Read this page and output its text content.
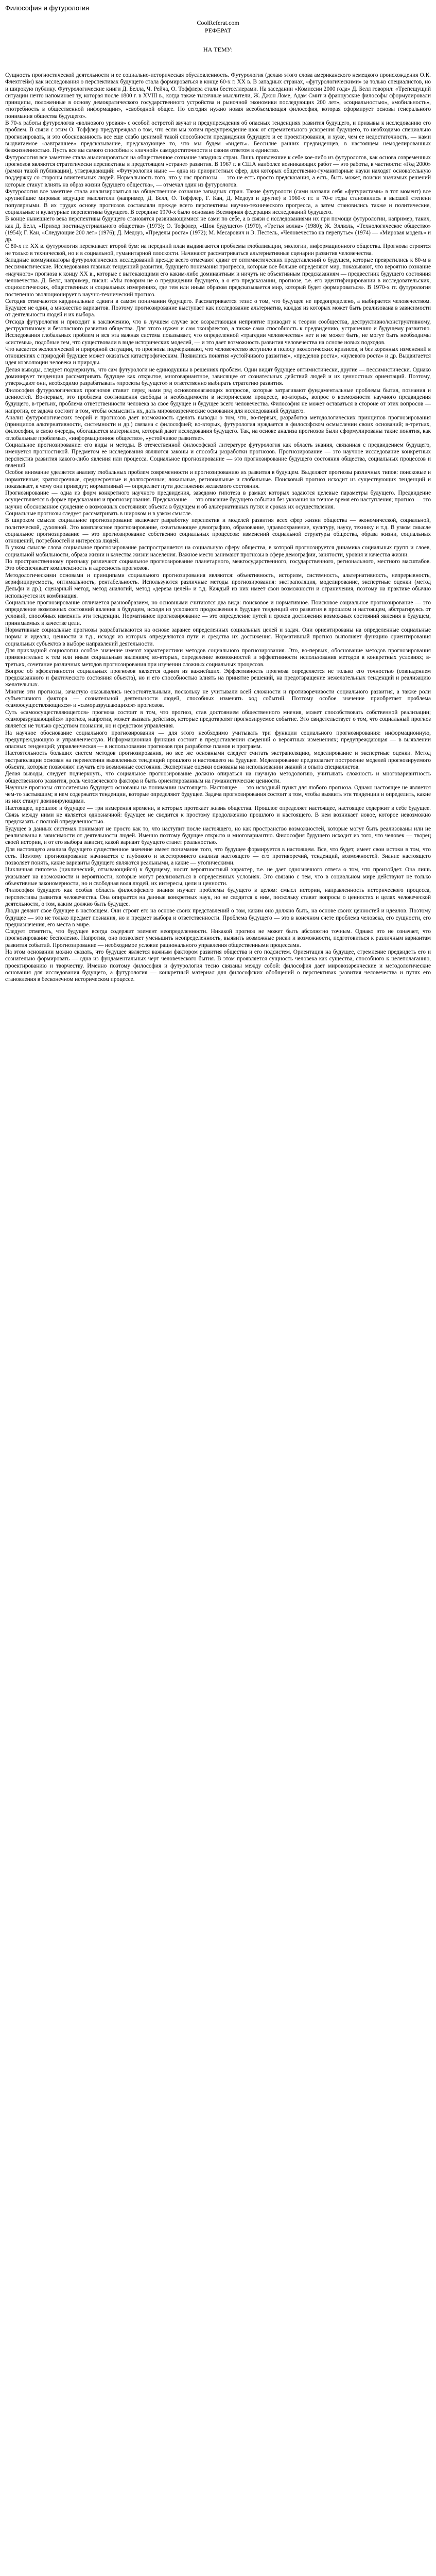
Философия и футурология

CoolReferat.com

РЕФЕРАТ

НА ТЕМУ:

Сущность прогностической деятельности и ее социально-историческая обусловленность. Футурология (делаю этого слова американского немецкого происхождения О.К. Флехтгейм) как исследования о перспективах будущего стала формироваться в конце 60-х г. XX в. В западных странах, «футурологическими» за только специалистов, но и широкую публику. Футурологические книги Д. Белла, Ч. Рейча, О. Тоффлера стали бестселлерами. На заседании «Комиссии 2000 года» Д. Белл говорил: «Трепещущий ситуации нечто напоминает ту, которая после 1800 г. в XVIII в., когда также тысячные мыслители, Ж. Джон Ломe, Адам Смит и французские философы сформулировали принципы, положенные в основу демократического государственного устройства и рыночной экономики последующих 200 лет», «социальностью», «мобильность», «потребность в общественной информации», «свободной общеe. Но сегодня нужно новая всеобъемлющая философия, которая сформирует основы генерального понимания общества будущего».

В 70-х работы футурологов «волнового уровня» с особой остротой звучат и предупреждения об опасных тенденциях развития будущего, и призывы к исследованию его проблем. В связи с этим О. Тоффлер предупреждал о том, что если мы хотим предупреждение шок от стремительного ускорения будущего, то необходимо специально прогнозировать, и это обоснованность все еще слабо ценимой такой способности предвидения будущего и ее проектирования, и хуже, чем ее недостаточность, — нами выдвигаемое «завтрашнее» предсказывание, предсказующее то, что мы будем «видеть». Бессилие ранних предвиденцев, в настоящем немоделированных безжизненностью. Пусть все вы самого способны к «личной» самодостаточности и своим ответом в единство.

Футурология все заметнее стала анализироваться на общественное сознание западных стран. Лишь привлекшие к себе кое-либо из футурологов, как основа современных прогнозов являются стратегически перспективы в предстоящем «стране» развития. В 1967 г. в США наиболее возникающих работ — это работы, в частности: «Год 2000» (рамки такой публикации), утверждающий: «Футурология ныне — одна из приоритетных сфер, для которых общественно-гуманитарные науки находят основательную поддержку со стороны влиятельных людей. Нормальность того, что у нас прогнозы — это не есть просто предсказания, а есть, быть может, поиски значимых решений которые станут влиять на образ жизни будущего общества», — отмечал один из футурологов.

Футурология все заметнее стала анализироваться на общественное сознание западных стран. Такие футурологи (сами назвали себя «футуристами» в тот момент) все крупнейшие мировые ведущие мыслители (например, Д. Белл, О. Тоффлер, Г. Кан, Д. Медоуз и другие) в 1960-х гг. и 70-е годы становились в высшей степени популярными. В их трудах основу прогнозов составляли прежде всего перспективы научно-технического прогресса, а затем становились также и политические, социальные и культурные перспективы будущего. В середине 1970-х было основано Всемирная федерация исследований будущего.

В конце нынешнего века перспективы будущего становятся развивающимися не сами по себе, а в связи с исследованиями их при помощи футурологии, например, таких, как Д. Белл, «Приход постиндустриального общества» (1973); О. Тоффлер, «Шок будущего» (1970), «Третья волна» (1980); Ж. Эллюль, «Технологическое общество» (1954); Г. Кан, «Следующие 200 лет» (1976); Д. Медоуз, «Пределы роста» (1972); М. Месарович и Э. Пестель, «Человечество на перепутье» (1974) — «Мировая модель» и др.

С 80-х гг. XX в. футурология переживает второй бум: на передний план выдвигаются проблемы глобализации, экологии, информационного общества. Прогнозы строятся не только в технической, но и в социальной, гуманитарной плоскости. Начинают рассматриваться альтернативные сценарии развития человечества.

Западные коммуникаторы футурологических исследований прежде всего отмечают сдвиг от оптимистических представлений о будущем, которые превратились к 80-м в пессимистические. Исследования главных тенденций развития, будущего понимания прогресса, которые все больше определяют мир, показывают, что вероятно сознание «научного» прогноза к концу XX в., которые с вытекающими его каким-либо доминантным и ничуть не объективным предсказаниям — предвестник будущего состояния человечества. Д. Белл, например, писал: «Мы говорим не о предвидении будущего, а о его предсказании, прогнозе, т.е. его идентифицировании в исследовательских, социологических, общественных и социальных измерениях, где тем или иным образом предсказывается мир, который будет формироваться». В 1970-х гг. футурология постепенно эволюционирует в научно-технический прогноз.

Сегодня отмечаются кардинальные сдвиги в самом понимании будущего. Рассматривается тезис о том, что будущее не предопределено, а выбирается человечеством. Будущее не один, а множество вариантов. Поэтому прогнозирование выступает как исследование альтернатив, каждая из которых может быть реализована в зависимости от деятельности людей и их выбора.

Отсюда футурология и приходит к заключению, что в лучшем случае все возрастающая неприятие приводит к теории сообщества, деструктивно/конструктивному, деструктивному и безопасного развития общества. Для этого нужен и сам эконфлектов, а также сама способность к предвидению, устранению и будущему развитию. Исследования глобальных проблем и вся эта важная система показывает, что определенной «трагедии человечества» нет и не может быть, не могут быть необходимы «системы», подобные тем, что существовали в виде исторических моделей, — и это дает возможность развития человечества на основе новых подходов.

Что касается экологической и природной ситуации, то прогнозы подчеркивают, что человечество вступило в полосу экологических кризисов, и без коренных изменений в отношениях с природой будущее может оказаться катастрофическим. Появились понятия «устойчивого развития», «пределов роста», «нулевого роста» и др. Выдвигается идея коэволюции человека и природы.

Делая выводы, следует подчеркнуть, что сам футурологи не единодушны в решениях проблем. Одни видят будущее оптимистически, другие — пессимистически. Однако доминирует тенденция рассматривать будущее как открытое, многовариантное, зависящее от сознательных действий людей и их ценностных ориентаций. Поэтому, утверждают они, необходимо разрабатывать «проекты будущего» и ответственно выбирать стратегию развития.

Философия футурологических прогнозов ставит перед нами ряд основополагающих вопросов, которые затрагивают фундаментальные проблемы бытия, познания и ценностей. Во-первых, это проблема соотношения свободы и необходимости в историческом процессе, во-вторых, вопрос о возможности научного предвидения будущего, в-третьих, проблема ответственности человека за свое будущее и будущее всего человечества. Философия не может оставаться в стороне от этих вопросов — напротив, ее задача состоит в том, чтобы осмыслить их, дать мировоззренческие основания для исследований будущего.

Анализ футурологических теорий и прогнозов дает возможность сделать выводы о том, что, во-первых, разработка методологических принципов прогнозирования (принципов альтернативности, системности и др.) связана с философией; во-вторых, футурология нуждается в философском осмыслении своих оснований; в-третьих, философия, в свою очередь, обогащается материалом, который дают исследования будущего. Так, на основе анализа прогнозов были сформулированы такие понятия, как «глобальные проблемы», «информационное общество», «устойчивое развитие».

Социальное прогнозирование: его виды и методы. В отечественной философской литературе футурология как область знания, связанная с предвидением будущего, именуется прогностикой. Предметом ее исследования являются законы и способы разработки прогнозов. Прогнозирование — это научное исследование конкретных перспектив развития какого-либо явления или процесса. Социальное прогнозирование — это прогнозирование будущего состояния общества, социальных процессов и явлений.

Особое внимание уделяется анализу глобальных проблем современности и прогнозированию их развития в будущем. Выделяют прогнозы различных типов: поисковые и нормативные; краткосрочные, среднесрочные и долгосрочные; локальные, региональные и глобальные. Поисковый прогноз исходит из существующих тенденций и показывает, к чему они приведут; нормативный — определяет пути достижения желаемого состояния.

Прогнозирование — одна из форм конкретного научного предвидения, заведомо гипотеза в рамках которых задаются целевые параметры будущего. Предвидение осуществляется в форме предсказания и прогнозирования. Предсказание — это описание будущего события без указания на точное время его наступления; прогноз — это научно обоснованное суждение о возможных состояниях объекта в будущем и об альтернативных путях и сроках их осуществления.

Социальные прогнозы следует рассматривать в широком и в узком смысле.

В широком смысле социальное прогнозирование включает разработку перспектив и моделей развития всех сфер жизни общества — экономической, социальной, политической, духовной. Это комплексное прогнозирование, охватывающее демографию, образование, здравоохранение, культуру, науку, технику и т.д. В узком смысле социальное прогнозирование — это прогнозирование собственно социальных процессов: изменений социальной структуры общества, образа жизни, социальных отношений, потребностей и интересов людей.

В узком смысле слова социальное прогнозирование распространяется на социальную сферу общества, в которой прогнозируется динамика социальных групп и слоев, социальной мобильности, образа жизни и качества жизни населения. Важное место занимают прогнозы в сфере демографии, занятости, уровня и качества жизни.

По пространственному признаку различают социальное прогнозирование планетарного, межгосударственного, государственного, регионального, местного масштабов. Это обеспечивает комплексность и адресность прогнозов.

Методологическими основами и принципами социального прогнозирования являются: объективность, историзм, системность, альтернативность, непрерывность, верифицируемость, оптимальность, рентабельность. Используются различные методы прогнозирования: экстраполяция, моделирование, экспертные оценки (метод Дельфи и др.), сценарный метод, метод аналогий, метод «дерева целей» и т.д. Каждый из них имеет свои возможности и ограничения, поэтому на практике обычно используется их комбинация.

Социальное прогнозирование отличается разнообразием, но основными считаются два вида: поисковое и нормативное. Поисковое социальное прогнозирование — это определение возможных состояний явления в будущем, исходя из условного продолжения в будущее тенденций его развития в прошлом и настоящем, абстрагируясь от условий, способных изменить эти тенденции. Нормативное прогнозирование — это определение путей и сроков достижения возможных состояний явления в будущем, принимаемых в качестве цели.

Нормативные социальные прогнозы разрабатываются на основе заранее определенных социальных целей и задач. Они ориентированы на определенные социальные нормы и идеалы, ценности и т.д., исходя из которых определяются пути и средства их достижения. Нормативный прогноз выполняет функцию ориентирования социальных субъектов в выборе направлений деятельности.

Для прикладной социологии особое значение имеют характеристики методов социального прогнозирования. Это, во-первых, обоснование методов прогнозирования применительно к тем или иным социальным явлениям; во-вторых, определение возможностей и эффективности использования методов в конкретных условиях; в-третьих, сочетание различных методов прогнозирования при изучении сложных социальных процессов.

Вопрос об эффективности социальных прогнозов является одним из важнейших. Эффективность прогноза определяется не только его точностью (совпадением предсказанного и фактического состояния объекта), но и его способностью влиять на принятие решений, на предотвращение нежелательных тенденций и реализацию желательных.

Многие эти прогнозы, зачастую оказывались несостоятельными, поскольку не учитывали всей сложности и противоречивости социального развития, а также роли субъективного фактора — сознательной деятельности людей, способных изменять ход событий. Поэтому особое значение приобретает проблема «самоосуществляющихся» и «саморазрушающихся» прогнозов.

Суть «самоосуществляющегося» прогноза состоит в том, что прогноз, став достоянием общественного мнения, может способствовать собственной реализации; «саморазрушающийся» прогноз, напротив, может вызвать действия, которые предотвратят прогнозируемое событие. Это свидетельствует о том, что социальный прогноз является не только средством познания, но и средством управления.

На научное обоснование социального прогнозирования — для этого необходимо учитывать три функции социального прогнозирования: информационную, предупреждающую и управленческую. Информационная функция состоит в предоставлении сведений о вероятных изменениях; предупреждающая — в выявлении опасных тенденций; управленческая — в использовании прогнозов при разработке планов и программ.

Настоятельность больших систем методов прогнозирования, но все же основными следует считать экстраполяцию, моделирование и экспертные оценки. Метод экстраполяции основан на перенесении выявленных тенденций прошлого и настоящего на будущее. Моделирование предполагает построение моделей прогнозируемого объекта, которые позволяют изучать его возможные состояния. Экспертные оценки основаны на использовании знаний и опыта специалистов.

Делая выводы, следует подчеркнуть, что социальное прогнозирование должно опираться на научную методологию, учитывать сложность и многовариантность общественного развития, роль человеческого фактора и быть ориентированным на гуманистические ценности.

Научные прогнозы относительно будущего основаны на понимании настоящего. Настоящее — это исходный пункт для любого прогноза. Однако настоящее не является чем-то застывшим; в нем содержатся тенденции, которые определяют будущее. Задача прогнозирования состоит в том, чтобы выявить эти тенденции и определить, какие из них станут доминирующими.

Настоящее, прошлое и будущее — три измерения времени, в которых протекает жизнь общества. Прошлое определяет настоящее, настоящее содержит в себе будущее. Связь между ними не является однозначной: будущее не сводится к простому продолжению прошлого и настоящего. В нем возникает новое, которое невозможно предсказать с полной определенностью.

Будущее в данных системах понимают не просто как то, что наступит после настоящего, но как пространство возможностей, которые могут быть реализованы или не реализованы в зависимости от деятельности людей. Именно поэтому будущее открыто и многовариантно. Философия будущего исходит из того, что человек — творец своей истории, и от его выбора зависит, какой вариант будущего станет реальностью.

Для настоящего анализа будущего существенное значение имеет понимание того, что будущее формируется в настоящем. Все, что будет, имеет свои истоки в том, что есть. Поэтому прогнозирование начинается с глубокого и всестороннего анализа настоящего — его противоречий, тенденций, возможностей. Знание настоящего позволяет понять, какие варианты будущего являются реальными, а какие — утопическими.

Цикличная гипотеза (циклический, отзывающийся) к будущему, носит вероятностный характер, т.е. не дает однозначного ответа о том, что произойдет. Она лишь указывает на возможности и вероятности, которые могут реализоваться в определенных условиях. Это связано с тем, что в социальном мире действуют не только объективные закономерности, но и свободная воля людей, их интересы, цели и ценности.

Философия будущего как особая область философского знания изучает проблемы будущего в целом: смысл истории, направленность исторического процесса, перспективы развития человечества. Она опирается на данные конкретных наук, но не сводится к ним, поскольку ставит вопросы о ценностях и целях человеческой деятельности, о том, каким должно быть будущее.

Люди делают свое будущее в настоящем. Они строят его на основе своих представлений о том, каким оно должно быть, на основе своих ценностей и идеалов. Поэтому будущее — это не только предмет познания, но и предмет выбора и ответственности. Проблема будущего — это в конечном счете проблема человека, его сущности, его предназначения, его места в мире.

Следует отметить, что будущее всегда содержит элемент неопределенности. Никакой прогноз не может быть абсолютно точным. Однако это не означает, что прогнозирование бесполезно. Напротив, оно позволяет уменьшить неопределенность, выявить возможные риски и возможности, подготовиться к различным вариантам развития событий. Прогнозирование — необходимое условие рационального управления общественными процессами.

На этом основании можно сказать, что будущее является важным фактором развития общества и его подсистем. Ориентация на будущее, стремление предвидеть его и сознательно формировать — одна из фундаментальных черт человеческого бытия. В этом проявляется сущность человека как существа, способного к целеполаганию, проектированию и творчеству. Именно поэтому философия и футурология тесно связаны между собой: философия дает мировоззренческие и методологические основания для исследования будущего, а футурология — конкретный материал для философских обобщений о перспективах развития человечества и путях его становления в бесконечном историческом процессе.
